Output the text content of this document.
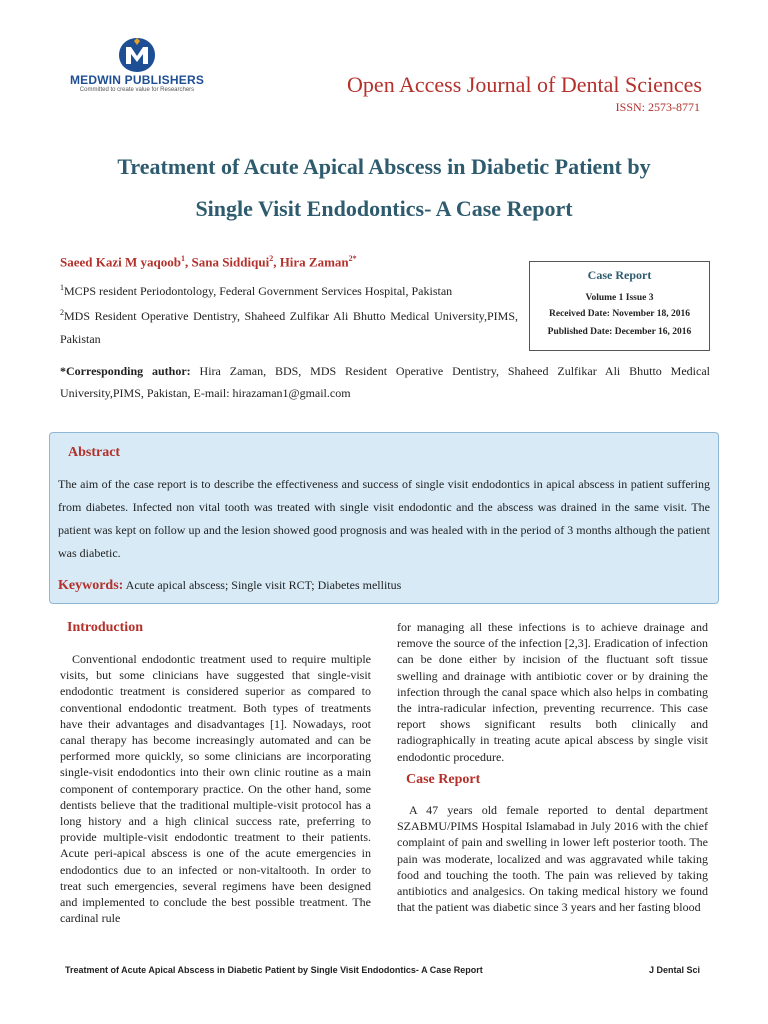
MEDWIN PUBLISHERS
Committed to create value for Researchers	Open Access Journal of Dental Sciences
ISSN: 2573-8771
Treatment of Acute Apical Abscess in Diabetic Patient by
Single Visit Endodontics- A Case Report
Saeed Kazi M yaqoob$^1$, Sana Siddiqui$^2$, Hira Zaman$^{2*}$
$^1$MCPS resident Periodontology, Federal Government Services Hospital, Pakistan
$^2$MDS Resident Operative Dentistry, Shaheed Zulfikar Ali Bhutto Medical University,PIMS, Pakistan
Case Report
Volume 1 Issue 3
Received Date: November 18, 2016
Published Date: December 16, 2016
*Corresponding author: Hira Zaman, BDS, MDS Resident Operative Dentistry, Shaheed Zulfikar Ali Bhutto Medical University,PIMS, Pakistan, E-mail: hirazaman1@gmail.com
Abstract
The aim of the case report is to describe the effectiveness and success of single visit endodontics in apical abscess in patient suffering from diabetes. Infected non vital tooth was treated with single visit endodontic and the abscess was drained in the same visit. The patient was kept on follow up and the lesion showed good prognosis and was healed with in the period of 3 months although the patient was diabetic.
Keywords: Acute apical abscess; Single visit RCT; Diabetes mellitus
Introduction
Conventional endodontic treatment used to require multiple visits, but some clinicians have suggested that single-visit endodontic treatment is considered superior as compared to conventional endodontic treatment. Both types of treatments have their advantages and disadvantages [1]. Nowadays, root canal therapy has become increasingly automated and can be performed more quickly, so some clinicians are incorporating single-visit endodontics into their own clinic routine as a main component of contemporary practice. On the other hand, some dentists believe that the traditional multiple-visit protocol has a long history and a high clinical success rate, preferring to provide multiple-visit endodontic treatment to their patients. Acute peri-apical abscess is one of the acute emergencies in endodontics due to an infected or non-vitaltooth. In order to treat such emergencies, several regimens have been designed and implemented to conclude the best possible treatment. The cardinal rule
for managing all these infections is to achieve drainage and remove the source of the infection [2,3]. Eradication of infection can be done either by incision of the fluctuant soft tissue swelling and drainage with antibiotic cover or by draining the infection through the canal space which also helps in combating the intra-radicular infection, preventing recurrence. This case report shows significant results both clinically and radiographically in treating acute apical abscess by single visit endodontic procedure.
Case Report
A 47 years old female reported to dental department SZABMU/PIMS Hospital Islamabad in July 2016 with the chief complaint of pain and swelling in lower left posterior tooth. The pain was moderate, localized and was aggravated while taking food and touching the tooth. The pain was relieved by taking antibiotics and analgesics. On taking medical history we found that the patient was diabetic since 3 years and her fasting blood
Treatment of Acute Apical Abscess in Diabetic Patient by Single Visit Endodontics- A Case Report	J Dental Sci
